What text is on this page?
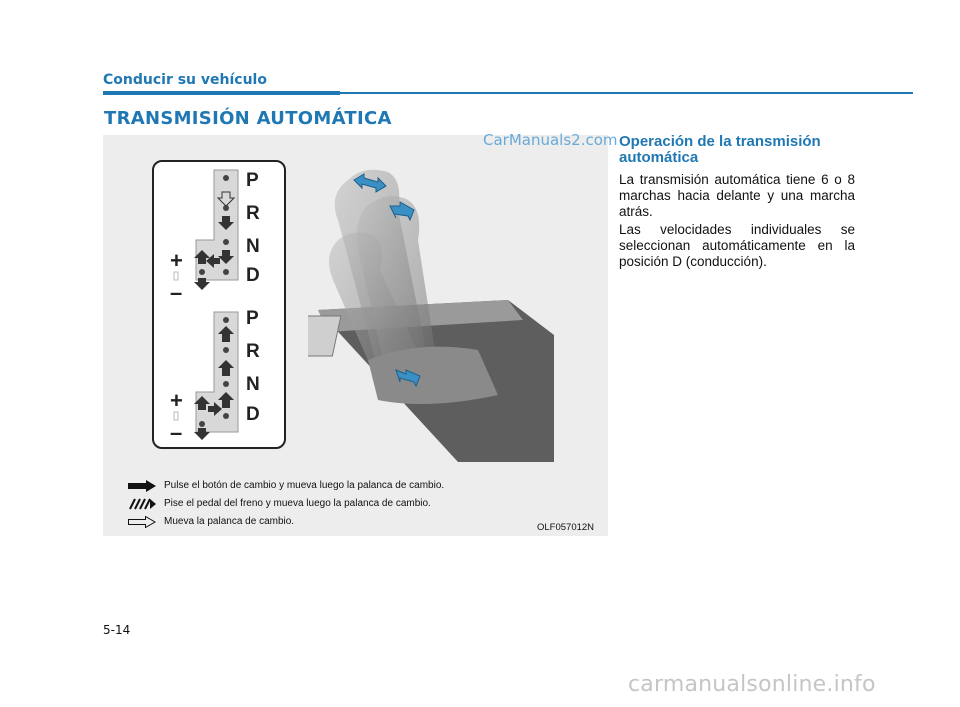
Conducir su vehículo
TRANSMISIÓN AUTOMÁTICA
CarManuals2.com
P
R
N
D
+
–
P
R
N
D
+
–
Pulse el botón de cambio y mueva luego la palanca de cambio.
Pise el pedal del freno y mueva luego la palanca de cambio.
Mueva la palanca de cambio.
OLF057012N
Operación de la transmisión automática

La transmisión automática tiene 6 o 8 marchas hacia delante y una marcha atrás.

Las velocidades individuales se seleccionan automáticamente en la posición D (conducción).

5-14
carmanualsonline.info
